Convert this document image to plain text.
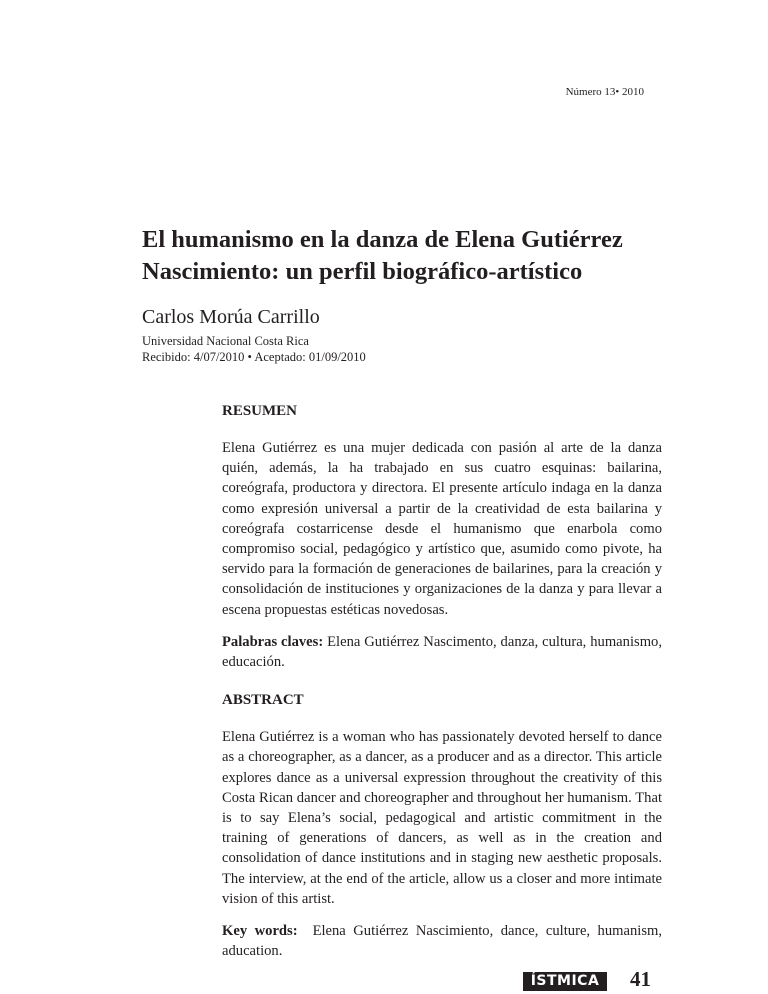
Número 13• 2010
El humanismo en la danza de Elena Gutiérrez
Nascimiento: un perfil biográfico-artístico
Carlos Morúa Carrillo
Universidad Nacional Costa Rica
Recibido: 4/07/2010 • Aceptado: 01/09/2010
RESUMEN

Elena Gutiérrez es una mujer dedicada con pasión al arte de la danza quién, además, la ha trabajado en sus cuatro esquinas: bailarina, coreógrafa, productora y directora. El presente artículo indaga en la danza como expresión universal a partir de la creatividad de esta bailarina y coreógrafa costarricense desde el humanismo que enarbola como compromiso social, pedagógico y artístico que, asumido como pivote, ha servido para la formación de generaciones de bailarines, para la creación y consolidación de instituciones y organizaciones de la danza y para llevar a escena propuestas estéticas novedosas.

Palabras claves: Elena Gutiérrez Nascimento, danza, cultura, humanismo, educación.

ABSTRACT

Elena Gutiérrez is a woman who has passionately devoted herself to dance as a choreographer, as a dancer, as a producer and as a director. This article explores dance as a universal expression throughout the creativity of this Costa Rican dancer and choreographer and throughout her humanism. That is to say Elena’s social, pedagogical and artistic commitment in the training of generations of dancers, as well as in the creation and consolidation of dance institutions and in staging new aesthetic proposals. The interview, at the end of the article, allow us a closer and more intimate vision of this artist.

Key words:  Elena Gutiérrez Nascimiento, dance, culture, humanism, aducation.

ÍSTMICA	41
